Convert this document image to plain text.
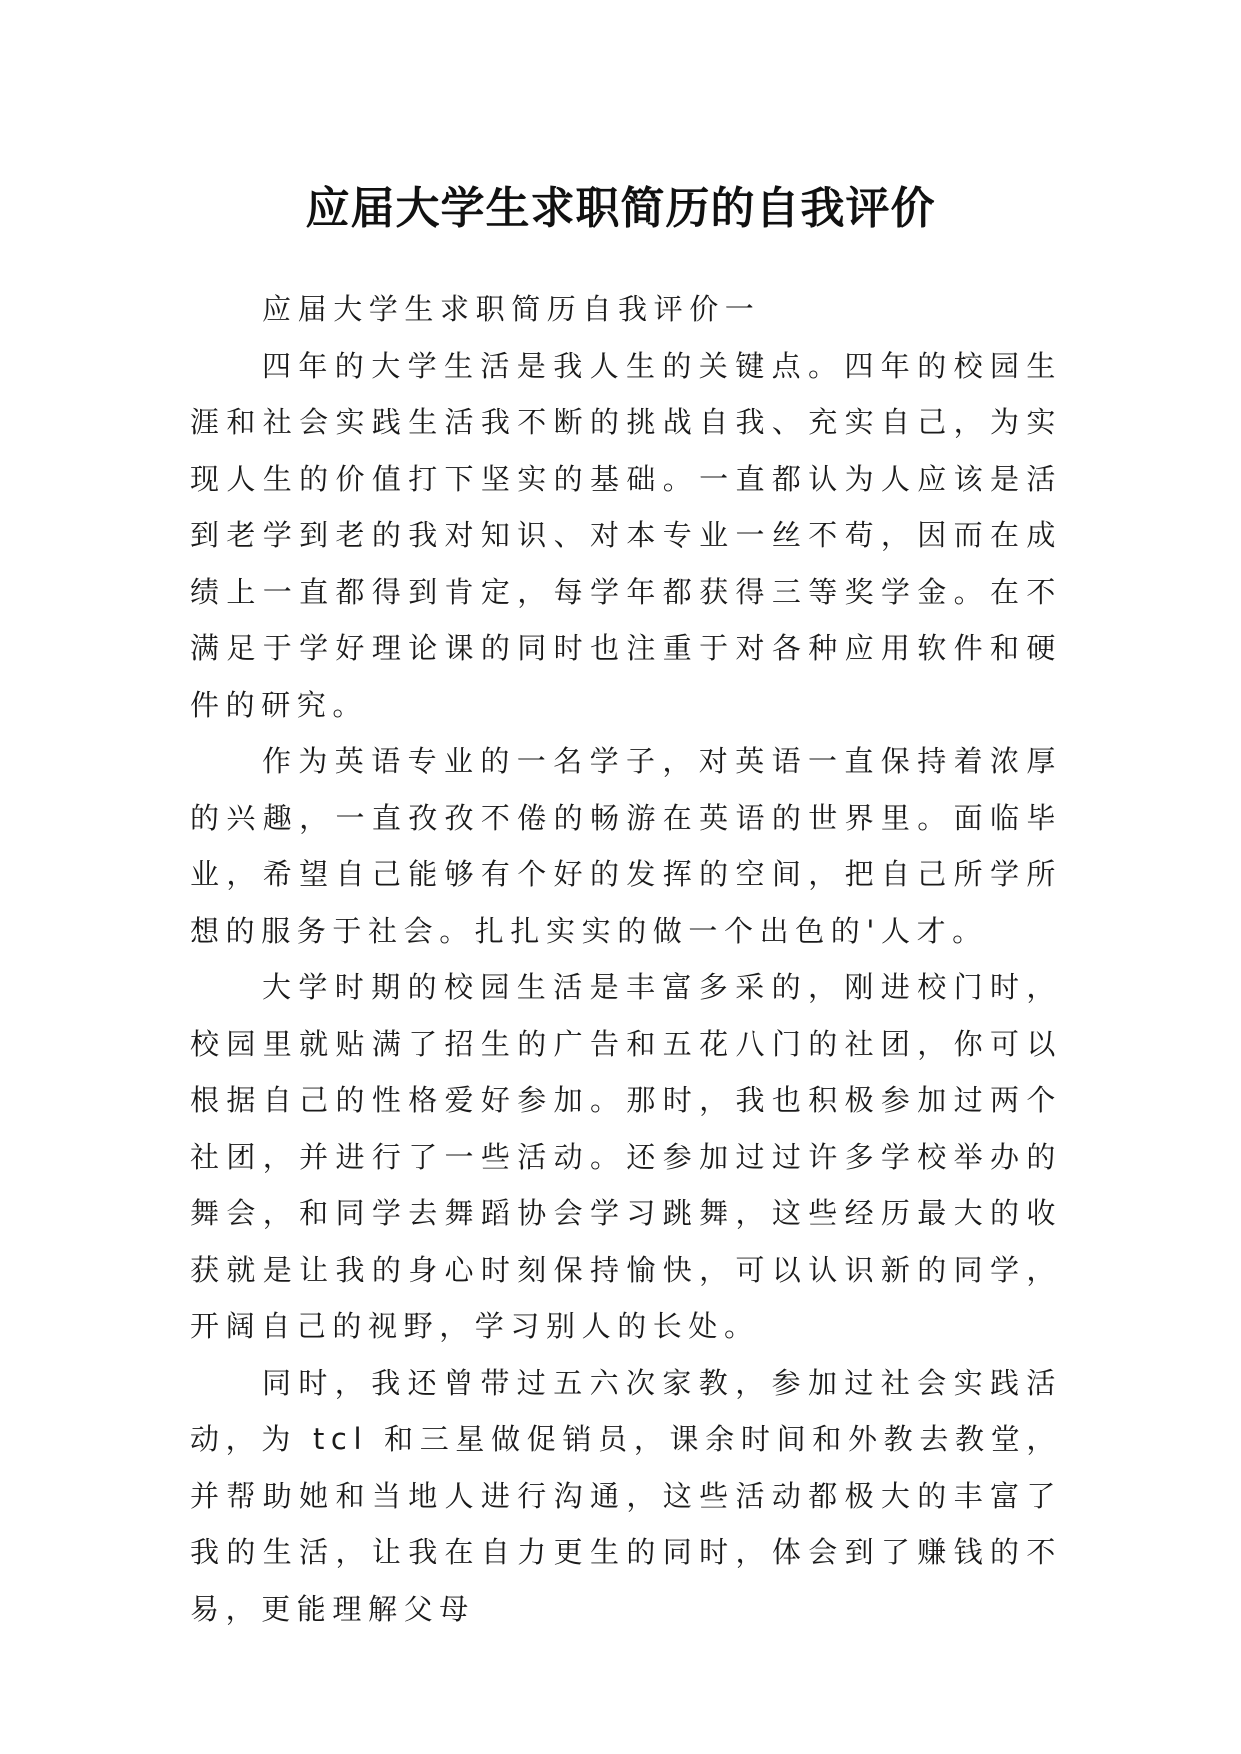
应届大学生求职简历的自我评价

应届大学生求职简历自我评价一

四年的大学生活是我人生的关键点。四年的校园生涯和社会实践生活我不断的挑战自我、充实自己，为实现人生的价值打下坚实的基础。一直都认为人应该是活到老学到老的我对知识、对本专业一丝不苟，因而在成绩上一直都得到肯定，每学年都获得三等奖学金。在不满足于学好理论课的同时也注重于对各种应用软件和硬件的研究。

作为英语专业的一名学子，对英语一直保持着浓厚的兴趣，一直孜孜不倦的畅游在英语的世界里。面临毕业，希望自己能够有个好的发挥的空间，把自己所学所想的服务于社会。扎扎实实的做一个出色的'人才。

大学时期的校园生活是丰富多采的，刚进校门时，校园里就贴满了招生的广告和五花八门的社团，你可以根据自己的性格爱好参加。那时，我也积极参加过两个社团，并进行了一些活动。还参加过过许多学校举办的舞会，和同学去舞蹈协会学习跳舞，这些经历最大的收获就是让我的身心时刻保持愉快，可以认识新的同学，开阔自己的视野，学习别人的长处。

同时，我还曾带过五六次家教，参加过社会实践活动，为 tcl 和三星做促销员，课余时间和外教去教堂，并帮助她和当地人进行沟通，这些活动都极大的丰富了我的生活，让我在自力更生的同时，体会到了赚钱的不易，更能理解父母
